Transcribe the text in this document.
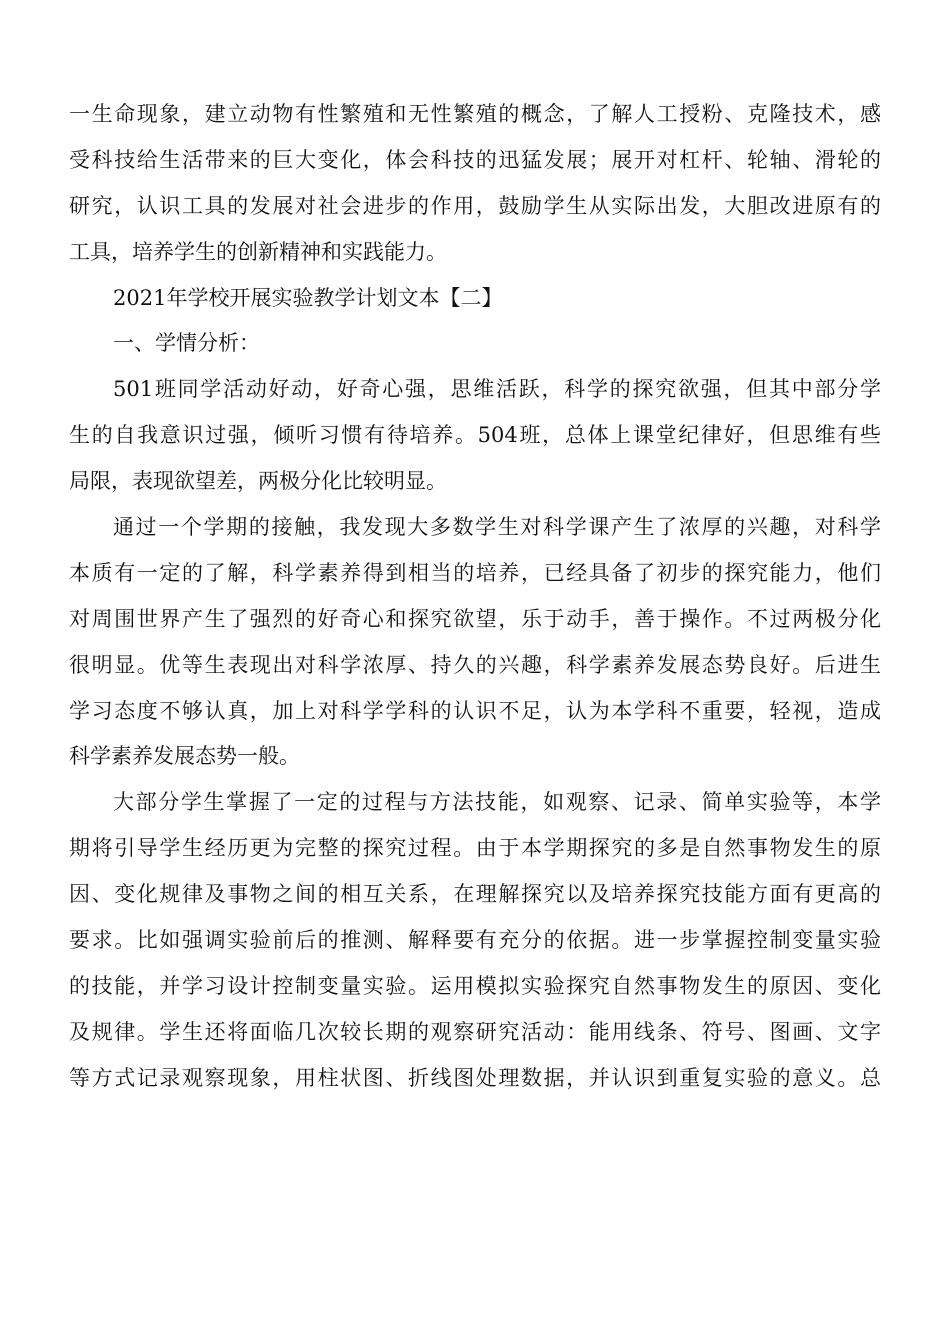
一生命现象，建立动物有性繁殖和无性繁殖的概念，了解人工授粉、克隆技术，感
受科技给生活带来的巨大变化，体会科技的迅猛发展；展开对杠杆、轮轴、滑轮的
研究，认识工具的发展对社会进步的作用，鼓励学生从实际出发，大胆改进原有的
工具，培养学生的创新精神和实践能力。
2021年学校开展实验教学计划文本【二】
一、学情分析：
501班同学活动好动，好奇心强，思维活跃，科学的探究欲强，但其中部分学
生的自我意识过强，倾听习惯有待培养。504班，总体上课堂纪律好，但思维有些
局限，表现欲望差，两极分化比较明显。
通过一个学期的接触，我发现大多数学生对科学课产生了浓厚的兴趣，对科学
本质有一定的了解，科学素养得到相当的培养，已经具备了初步的探究能力，他们
对周围世界产生了强烈的好奇心和探究欲望，乐于动手，善于操作。不过两极分化
很明显。优等生表现出对科学浓厚、持久的兴趣，科学素养发展态势良好。后进生
学习态度不够认真，加上对科学学科的认识不足，认为本学科不重要，轻视，造成
科学素养发展态势一般。
大部分学生掌握了一定的过程与方法技能，如观察、记录、简单实验等，本学
期将引导学生经历更为完整的探究过程。由于本学期探究的多是自然事物发生的原
因、变化规律及事物之间的相互关系，在理解探究以及培养探究技能方面有更高的
要求。比如强调实验前后的推测、解释要有充分的依据。进一步掌握控制变量实验
的技能，并学习设计控制变量实验。运用模拟实验探究自然事物发生的原因、变化
及规律。学生还将面临几次较长期的观察研究活动：能用线条、符号、图画、文字
等方式记录观察现象，用柱状图、折线图处理数据，并认识到重复实验的意义。总
